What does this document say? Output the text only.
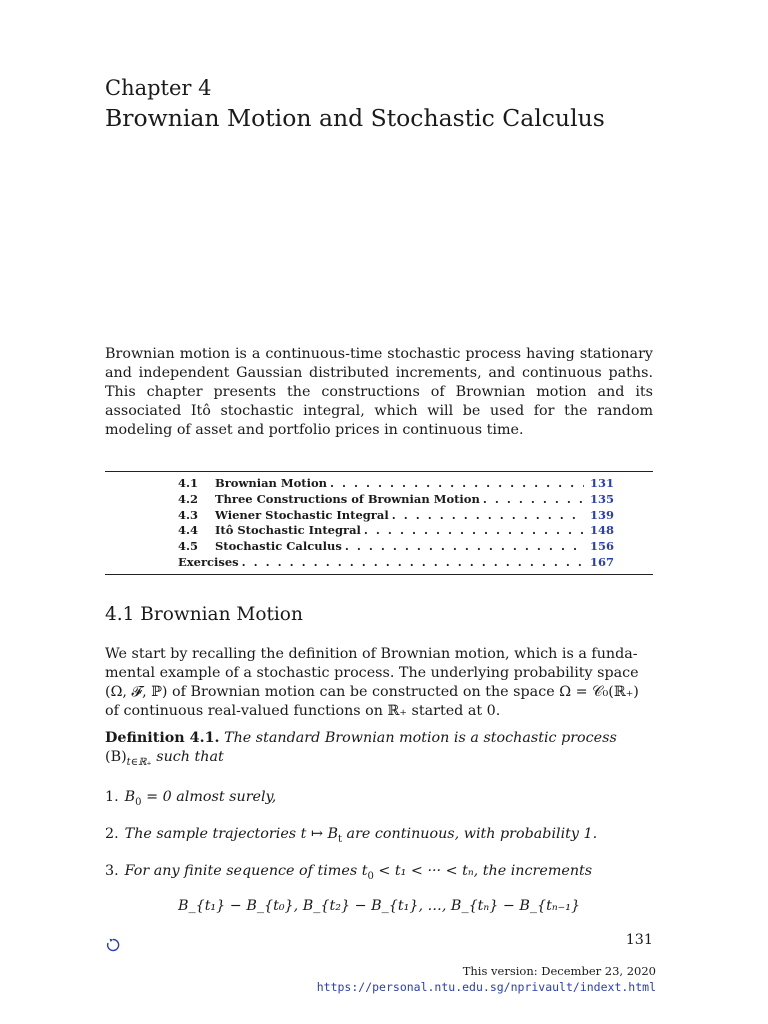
Chapter 4
Brownian Motion and Stochastic Calculus
Brownian motion is a continuous-time stochastic process having stationary and independent Gaussian distributed increments, and continuous paths. This chapter presents the constructions of Brownian motion and its associated Itô stochastic integral, which will be used for the random modeling of asset and portfolio prices in continuous time.
4.1	Brownian Motion . . .	131
4.2	Three Constructions of Brownian Motion . . .	135
4.3	Wiener Stochastic Integral . . .	139
4.4	Itô Stochastic Integral . . .	148
4.5	Stochastic Calculus . . .	156
Exercises . . .	167
4.1 Brownian Motion
We start by recalling the definition of Brownian motion, which is a funda-
mental example of a stochastic process. The underlying probability space
(Ω, 𝓕, ℙ) of Brownian motion can be constructed on the space Ω = 𝒞₀(ℝ₊)
of continuous real-valued functions on ℝ₊ started at 0.
Definition 4.1. The standard Brownian motion is a stochastic process
$(B)_{t\in ℝ_+}$ such that
1. $B_0 = 0$ almost surely,
2. The sample trajectories t ↦ $B_t$ are continuous, with probability 1.
3. For any finite sequence of times $t_0 < t_1$ < ··· < tₙ, the increments
B_{t₁} − B_{t₀}, B_{t₂} − B_{t₁}, …, B_{tₙ} − B_{tₙ₋₁}
131
This version: December 23, 2020
https://personal.ntu.edu.sg/nprivault/indext.html
